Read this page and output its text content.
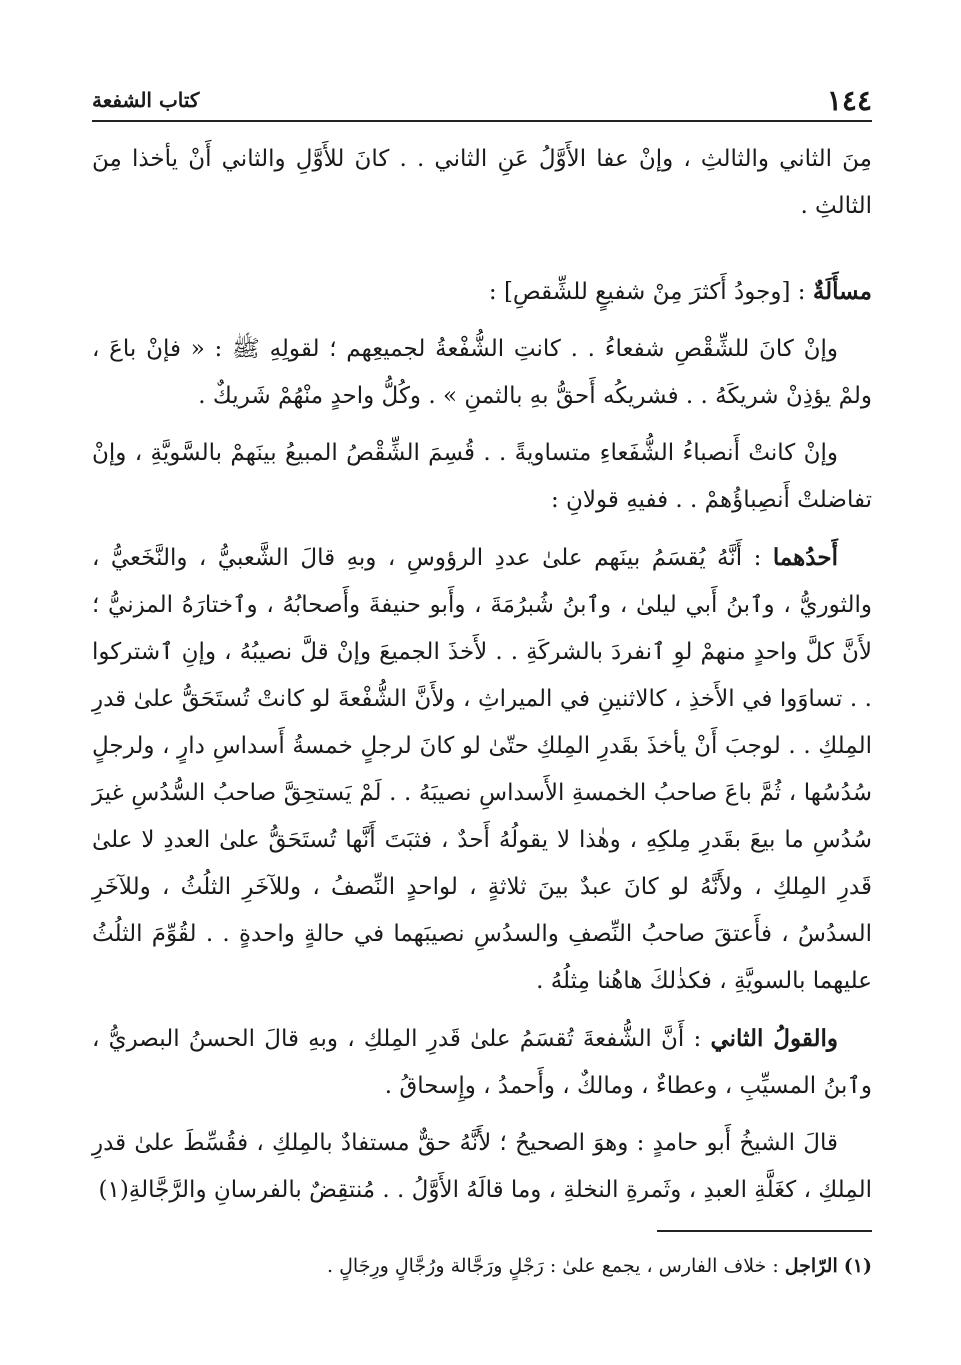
١٤٤
كتاب الشفعة

مِنَ الثاني والثالثِ ، وإنْ عفا الأَوَّلُ عَنِ الثاني . . كانَ للأَوَّلِ والثاني أَنْ يأخذا مِنَ الثالثِ .

مسأَلَةٌ : [وجودُ أَكثرَ مِنْ شفيعٍ للشِّقصِ] :

وإنْ كانَ للشِّقْصِ شفعاءُ . . كانتِ الشُّفْعةُ لجميعِهم ؛ لقولِهِ ﷺ : « فإنْ باعَ ، ولمْ يؤذِنْ شريكَهُ . . فشريكُه أَحقُّ بهِ بالثمنِ » . وكُلُّ واحدٍ منْهُمْ شَريكٌ .

وإنْ كانتْ أَنصباءُ الشُّفَعاءِ متساويةً . . قُسِمَ الشِّقْصُ المبيعُ بينَهمْ بالسَّويَّةِ ، وإنْ تفاضلتْ أَنصِباؤُهمْ . . ففيهِ قولانِ :

أَحدُهما : أَنَّهُ يُقسَمُ بينَهم علىٰ عددِ الرؤوسِ ، وبهِ قالَ الشَّعبيُّ ، والنَّخَعيُّ ، والثوريُّ ، وٱبنُ أَبي ليلىٰ ، وٱبنُ شُبرُمَةَ ، وأَبو حنيفةَ وأَصحابُهُ ، وٱختارَهُ المزنيُّ ؛ لأَنَّ كلَّ واحدٍ منهمْ لوِ ٱنفردَ بالشركَةِ . . لأَخذَ الجميعَ وإنْ قلَّ نصيبُهُ ، وإنِ ٱشتركوا . . تساوَوا في الأَخذِ ، كالاثنينِ في الميراثِ ، ولأَنَّ الشُّفْعةَ لو كانتْ تُستَحَقُّ علىٰ قدرِ المِلكِ . . لوجبَ أَنْ يأخذَ بقَدرِ المِلكِ حتّىٰ لو كانَ لرجلٍ خمسةُ أَسداسِ دارٍ ، ولرجلٍ سُدُسُها ، ثُمَّ باعَ صاحبُ الخمسةِ الأَسداسِ نصيبَهُ . . لَمْ يَستحِقَّ صاحبُ السُّدُسِ غيرَ سُدُسِ ما بيعَ بقَدرِ مِلكِهِ ، وهٰذا لا يقولُهُ أَحدٌ ، فثبَتَ أَنَّها تُستَحَقُّ علىٰ العددِ لا علىٰ قَدرِ المِلكِ ، ولأَنَّهُ لو كانَ عبدٌ بينَ ثلاثةٍ ، لواحدٍ النِّصفُ ، وللآخَرِ الثلُثُ ، وللآخَرِ السدُسُ ، فأَعتقَ صاحبُ النِّصفِ والسدُسِ نصيبَهما في حالةٍ واحدةٍ . . لقُوِّمَ الثلُثُ عليهما بالسويَّةِ ، فكذٰلكَ هاهُنا مِثلُهُ .

والقولُ الثاني : أَنَّ الشُّفعةَ تُقسَمُ علىٰ قَدرِ المِلكِ ، وبهِ قالَ الحسنُ البصريُّ ، وٱبنُ المسيِّبِ ، وعطاءٌ ، ومالكٌ ، وأَحمدُ ، وإِسحاقُ .

قالَ الشيخُ أَبو حامدٍ : وهوَ الصحيحُ ؛ لأَنَّهُ حقٌّ مستفادٌ بالمِلكِ ، فقُسِّطَ علىٰ قدرِ المِلكِ ، كغَلَّةِ العبدِ ، وثَمرةِ النخلةِ ، وما قالَهُ الأَوَّلُ . . مُنتقِضٌ بالفرسانِ والرَّجَّالةِ(١)

(١) الرّاجل : خلاف الفارس ، يجمع علىٰ : رَجْلٍ ورَجَّالة ورُجَّالٍ ورِجَالٍ .
